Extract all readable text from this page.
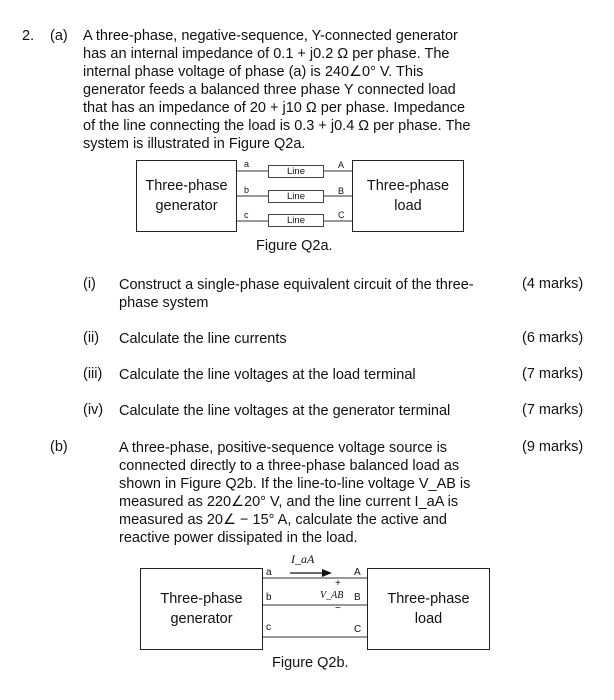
2. (a) A three-phase, negative-sequence, Y-connected generator
has an internal impedance of 0.1 + j0.2 Ω per phase. The
internal phase voltage of phase (a) is 240∠0° V. This
generator feeds a balanced three phase Y connected load
that has an impedance of 20 + j10 Ω per phase. Impedance
of the line connecting the load is 0.3 + j0.4 Ω per phase. The
system is illustrated in Figure Q2a.
Three-phase
generator
Three-phase
load
Line
Line
Line
a
b
c
A
B
C
Figure Q2a.
(i) Construct a single-phase equivalent circuit of the three-
phase system
(4 marks)
(ii) Calculate the line currents	(6 marks)
(iii) Calculate the line voltages at the load terminal	(7 marks)
(iv) Calculate the line voltages at the generator terminal	(7 marks)
(b)	A three-phase, positive-sequence voltage source is
connected directly to a three-phase balanced load as
shown in Figure Q2b. If the line-to-line voltage V_AB is
measured as 220∠20° V, and the line current I_aA is
measured as 20∠ − 15° A, calculate the active and
reactive power dissipated in the load.
(9 marks)
Three-phase
generator
Three-phase
load
a
b
c
A
B
C
I_aA
V_AB
+
−
Figure Q2b.
